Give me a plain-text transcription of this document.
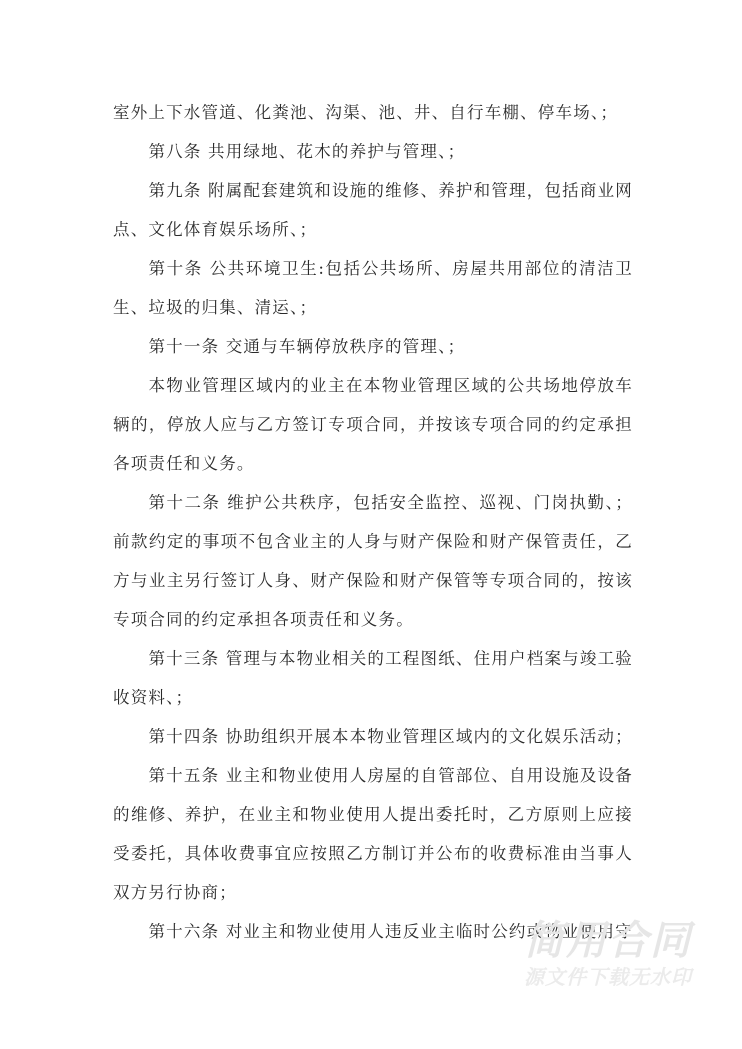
室外上下水管道、化粪池、沟渠、池、井、自行车棚、停车场、；

第八条 共用绿地、花木的养护与管理、；

第九条 附属配套建筑和设施的维修、养护和管理，包括商业网点、文化体育娱乐场所、；

第十条 公共环境卫生:包括公共场所、房屋共用部位的清洁卫生、垃圾的归集、清运、；

第十一条 交通与车辆停放秩序的管理、；

本物业管理区域内的业主在本物业管理区域的公共场地停放车辆的，停放人应与乙方签订专项合同，并按该专项合同的约定承担各项责任和义务。

第十二条 维护公共秩序，包括安全监控、巡视、门岗执勤、；前款约定的事项不包含业主的人身与财产保险和财产保管责任，乙方与业主另行签订人身、财产保险和财产保管等专项合同的，按该专项合同的约定承担各项责任和义务。

第十三条 管理与本物业相关的工程图纸、住用户档案与竣工验收资料、；

第十四条 协助组织开展本本物业管理区域内的文化娱乐活动；

第十五条 业主和物业使用人房屋的自管部位、自用设施及设备的维修、养护，在业主和物业使用人提出委托时，乙方原则上应接受委托，具体收费事宜应按照乙方制订并公布的收费标准由当事人双方另行协商；

第十六条 对业主和物业使用人违反业主临时公约或物业使用守

简用合同
源文件下载无水印
